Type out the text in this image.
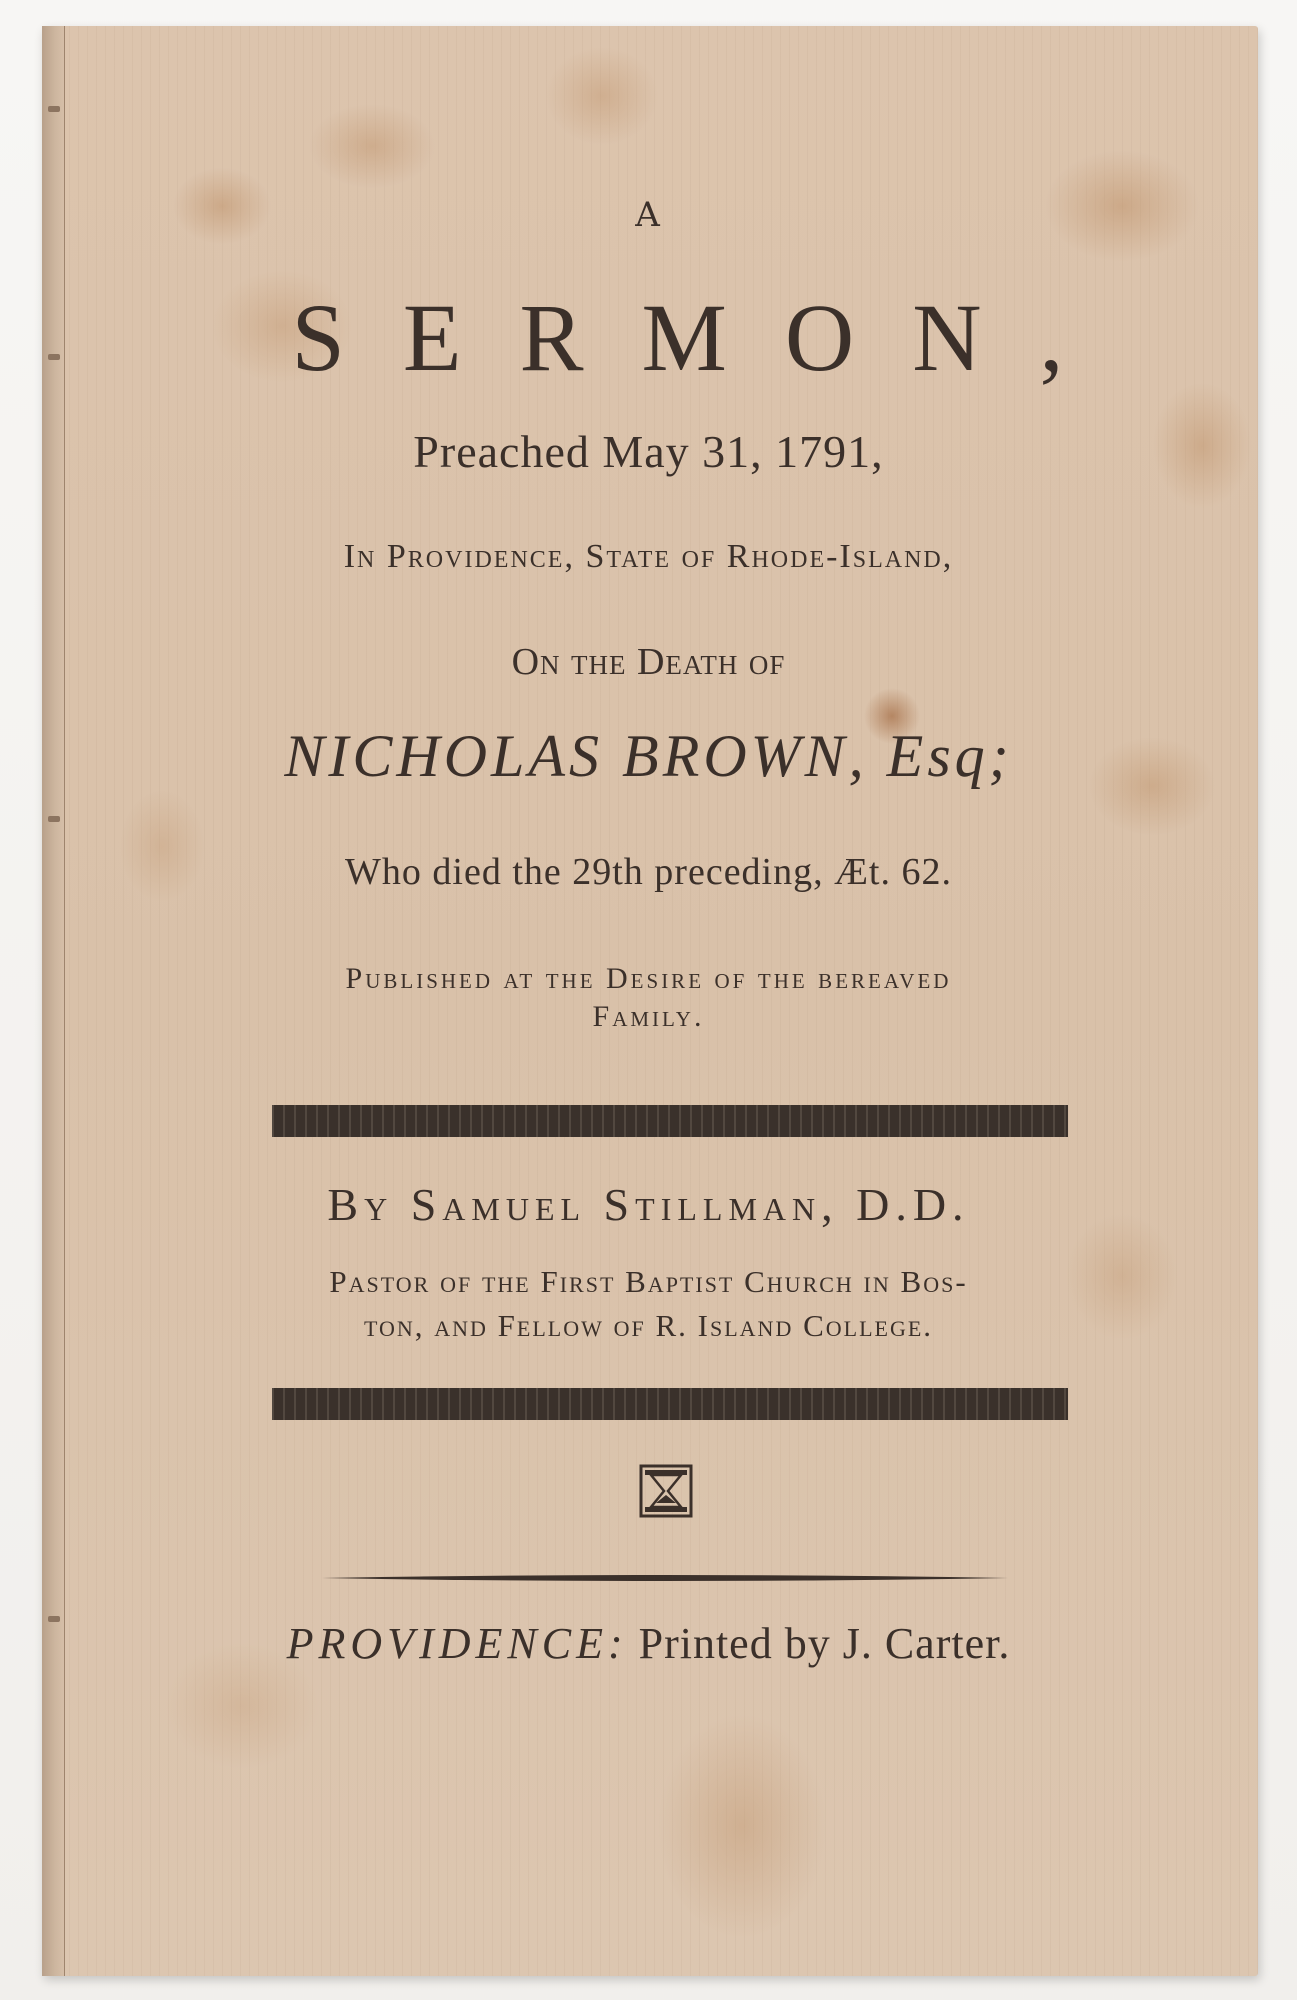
A
SERMON,
Preached May 31, 1791,
In Providence, State of Rhode-Island,
On the Death of
NICHOLAS BROWN, Esq;
Who died the 29th preceding, Æt. 62.
Published at the Desire of the bereaved
Family.
By Samuel Stillman, D.D.
Pastor of the First Baptist Church in Bos-
ton, and Fellow of R. Island College.
PROVIDENCE: Printed by J. Carter.
